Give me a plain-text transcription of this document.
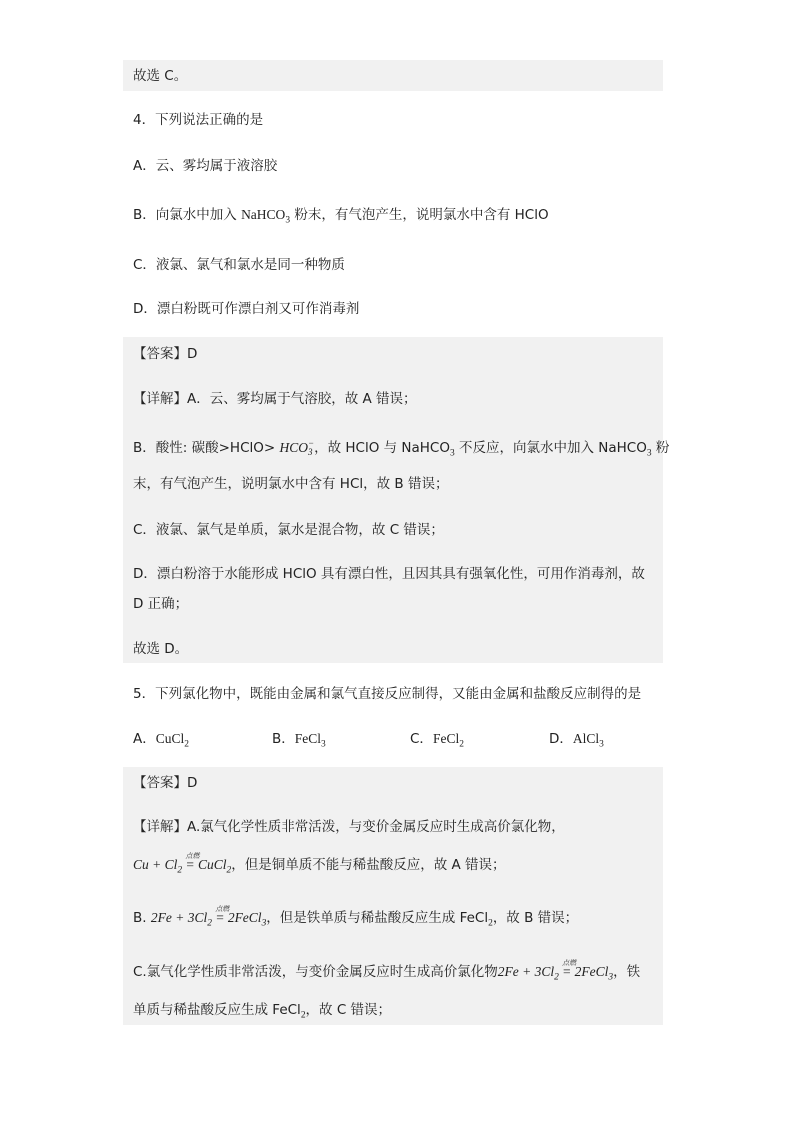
故选 C。
4．下列说法正确的是
A．云、雾均属于液溶胶
B．向氯水中加入 NaHCO$_3$ 粉末，有气泡产生，说明氯水中含有 HClO
C．液氯、氯气和氯水是同一种物质
D．漂白粉既可作漂白剂又可作消毒剂
【答案】D
【详解】A．云、雾均属于气溶胶，故 A 错误；
B．酸性: 碳酸>HClO> HCO −
3 ，故 HClO 与 NaHCO$_3$ 不反应，向氯水中加入 NaHCO$_3$ 粉
末，有气泡产生，说明氯水中含有 HCl，故 B 错误；
C．液氯、氯气是单质，氯水是混合物，故 C 错误；
D．漂白粉溶于水能形成 HClO 具有漂白性，且因其具有强氧化性，可用作消毒剂，故
D 正确；
故选 D。
5．下列氯化物中，既能由金属和氯气直接反应制得，又能由金属和盐酸反应制得的是
A．CuCl$_2$	B．FeCl$_3$	C．FeCl$_2$	D．AlCl$_3$
【答案】D
【详解】A.氯气化学性质非常活泼，与变价金属反应时生成高价氯化物，
$Cu + Cl_2$
点燃
= CuCl$_2$，但是铜单质不能与稀盐酸反应，故 A 错误；
B. $2Fe + 3Cl_2$
点燃
= 2FeCl$_3$，但是铁单质与稀盐酸反应生成 FeCl$_2$，故 B 错误；
C.氯气化学性质非常活泼，与变价金属反应时生成高价氯化物$2Fe + 3Cl_2$
点燃
= 2FeCl$_3$，铁
单质与稀盐酸反应生成 FeCl$_2$，故 C 错误；
